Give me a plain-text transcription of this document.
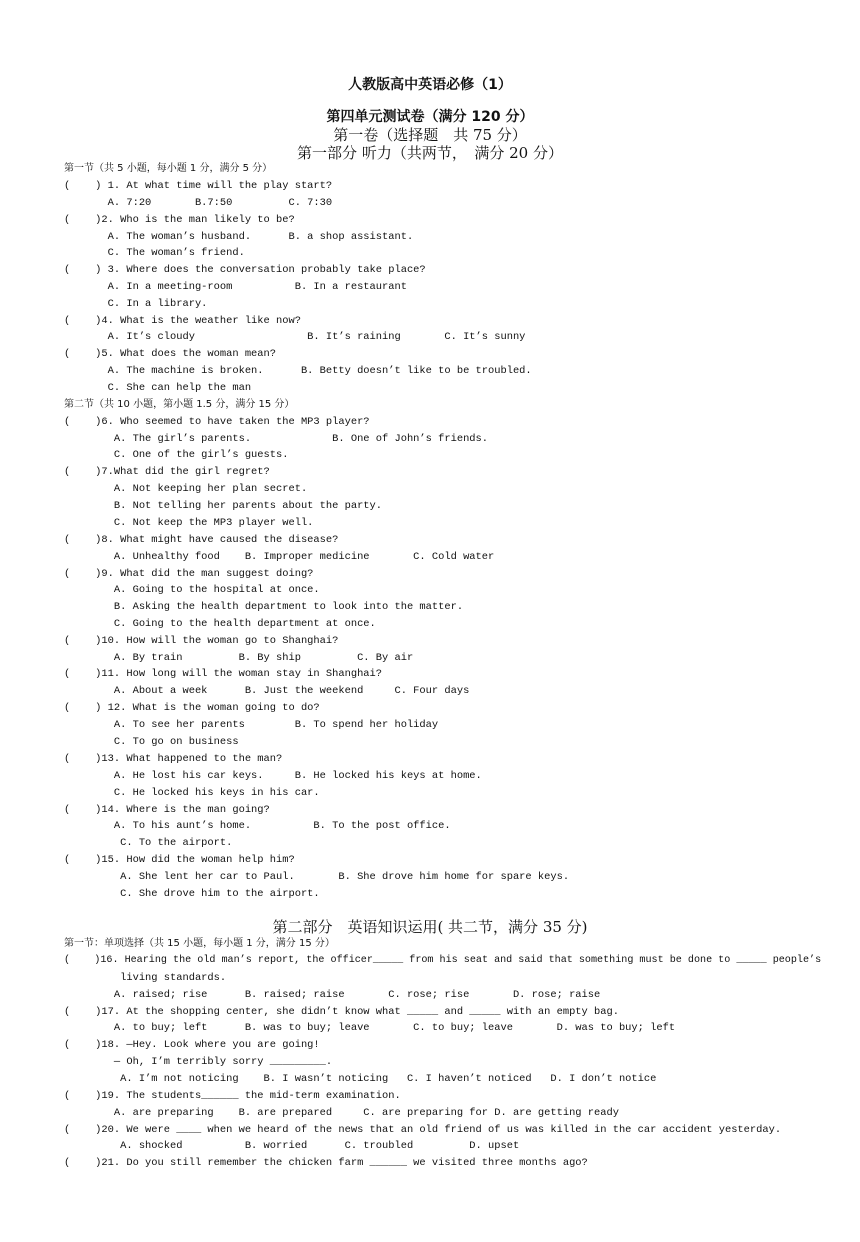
人教版高中英语必修（1）
第四单元测试卷（满分 120 分）
第一卷（选择题　共 75 分）
第一部分 听力（共两节，　满分 20 分）
第一节（共 5 小题，每小题 1 分，满分 5 分）
(    ) 1. At what time will the play start?
A. 7:20       B.7:50         C. 7:30
(    )2. Who is the man likely to be?
A. The woman’s husband.      B. a shop assistant.
C. The woman’s friend.
(    ) 3. Where does the conversation probably take place?
A. In a meeting-room          B. In a restaurant
C. In a library.
(    )4. What is the weather like now?
A. It’s cloudy                  B. It’s raining       C. It’s sunny
(    )5. What does the woman mean?
A. The machine is broken.      B. Betty doesn’t like to be troubled.
C. She can help the man
第二节（共 10 小题，第小题 1.5 分，满分 15 分）
(    )6. Who seemed to have taken the MP3 player?
A. The girl’s parents.             B. One of John’s friends.
C. One of the girl’s guests.
(    )7.What did the girl regret?
A. Not keeping her plan secret.
B. Not telling her parents about the party.
C. Not keep the MP3 player well.
(    )8. What might have caused the disease?
A. Unhealthy food    B. Improper medicine       C. Cold water
(    )9. What did the man suggest doing?
A. Going to the hospital at once.
B. Asking the health department to look into the matter.
C. Going to the health department at once.
(    )10. How will the woman go to Shanghai?
A. By train         B. By ship         C. By air
(    )11. How long will the woman stay in Shanghai?
A. About a week      B. Just the weekend     C. Four days
(    ) 12. What is the woman going to do?
A. To see her parents        B. To spend her holiday
C. To go on business
(    )13. What happened to the man?
A. He lost his car keys.     B. He locked his keys at home.
C. He locked his keys in his car.
(    )14. Where is the man going?
A. To his aunt’s home.          B. To the post office.
C. To the airport.
(    )15. How did the woman help him?
A. She lent her car to Paul.       B. She drove him home for spare keys.
C. She drove him to the airport.
第二部分　英语知识运用( 共二节，满分 35 分)
第一节：单项选择（共 15 小题，每小题 1 分，满分 15 分）
(    )16. Hearing the old man’s report, the officer_____ from his seat and said that something must be done to _____ people’s
living standards.
A. raised; rise      B. raised; raise       C. rose; rise       D. rose; raise
(    )17. At the shopping center, she didn’t know what _____ and _____ with an empty bag.
A. to buy; left      B. was to buy; leave       C. to buy; leave       D. was to buy; left
(    )18. —Hey. Look where you are going!
— Oh, I’m terribly sorry _________.
A. I’m not noticing    B. I wasn’t noticing   C. I haven’t noticed   D. I don’t notice
(    )19. The students______ the mid-term examination.
A. are preparing    B. are prepared     C. are preparing for D. are getting ready
(    )20. We were ____ when we heard of the news that an old friend of us was killed in the car accident yesterday.
A. shocked          B. worried      C. troubled         D. upset
(    )21. Do you still remember the chicken farm ______ we visited three months ago?
